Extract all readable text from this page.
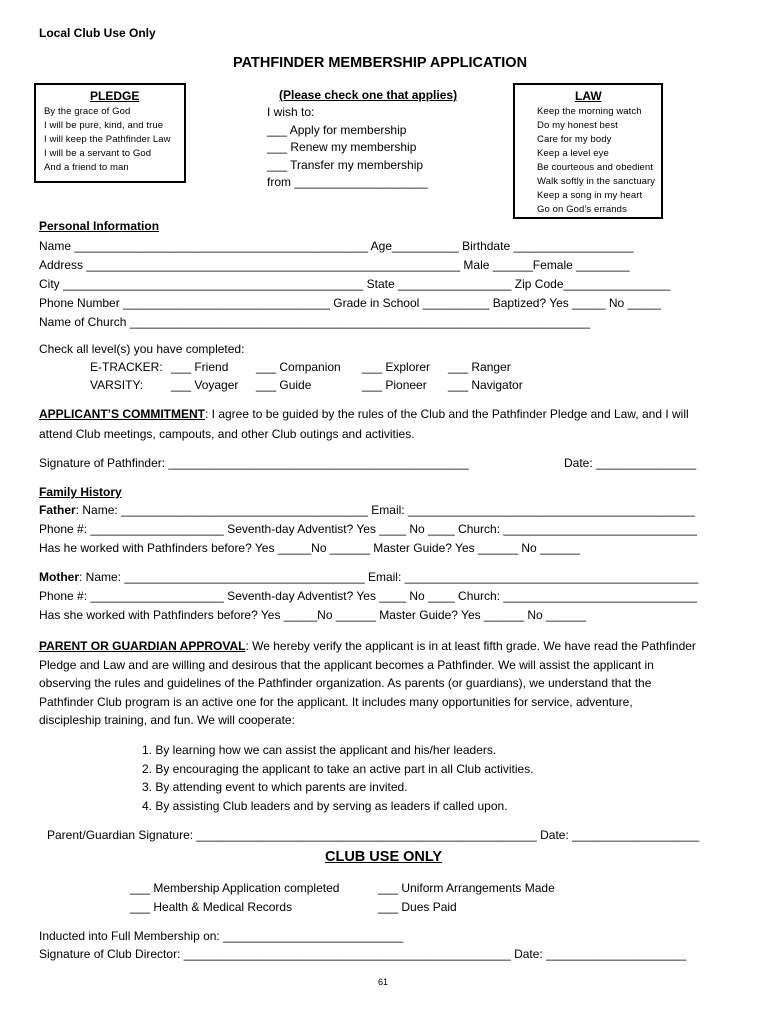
Local Club Use Only
PATHFINDER MEMBERSHIP APPLICATION
PLEDGE
By the grace of God
I will be pure, kind, and true
I will keep the Pathfinder Law
I will be a servant to God
And a friend to man
(Please check one that applies)
I wish to:
___ Apply for membership
___ Renew my membership
___ Transfer my membership
from ____________________
LAW
Keep the morning watch
Do my honest best
Care for my body
Keep a level eye
Be courteous and obedient
Walk softly in the sanctuary
Keep a song in my heart
Go on God’s errands
Personal Information
Name ____________________________________________ Age__________ Birthdate __________________
Address ________________________________________________________ Male ______Female ________
City _____________________________________________ State _________________ Zip Code________________
Phone Number _______________________________ Grade in School __________ Baptized? Yes _____ No _____
Name of Church _____________________________________________________________________
Check all level(s) you have completed:
E-TRACKER: ___ Friend ___ Companion ___ Explorer ___ Ranger
VARSITY: ___ Voyager ___ Guide	___ Pioneer ___ Navigator
APPLICANT’S COMMITMENT: I agree to be guided by the rules of the Club and the Pathfinder Pledge and Law, and I will
attend Club meetings, campouts, and other Club outings and activities.
Signature of Pathfinder: _____________________________________________	Date: _______________
Family History
Father: Name: _____________________________________ Email: ___________________________________________
Phone #: ____________________ Seventh-day Adventist? Yes ____ No ____ Church: _____________________________
Has he worked with Pathfinders before? Yes _____No ______ Master Guide? Yes ______ No ______
Mother: Name: ____________________________________ Email: ____________________________________________
Phone #: ____________________ Seventh-day Adventist? Yes ____ No ____ Church: _____________________________
Has she worked with Pathfinders before? Yes _____No ______ Master Guide? Yes ______ No ______
PARENT OR GUARDIAN APPROVAL: We hereby verify the applicant is in at least fifth grade. We have read the Pathfinder
Pledge and Law and are willing and desirous that the applicant becomes a Pathfinder. We will assist the applicant in
observing the rules and guidelines of the Pathfinder organization. As parents (or guardians), we understand that the
Pathfinder Club program is an active one for the applicant. It includes many opportunities for service, adventure,
discipleship training, and fun. We will cooperate:
1. By learning how we can assist the applicant and his/her leaders.
2. By encouraging the applicant to take an active part in all Club activities.
3. By attending event to which parents are invited.
4. By assisting Club leaders and by serving as leaders if called upon.
Parent/Guardian Signature: ___________________________________________________ Date: ___________________
CLUB USE ONLY
___ Membership Application completed	___ Uniform Arrangements Made
___ Health & Medical Records	___ Dues Paid
Inducted into Full Membership on: ___________________________
Signature of Club Director: _________________________________________________ Date: _____________________
61
